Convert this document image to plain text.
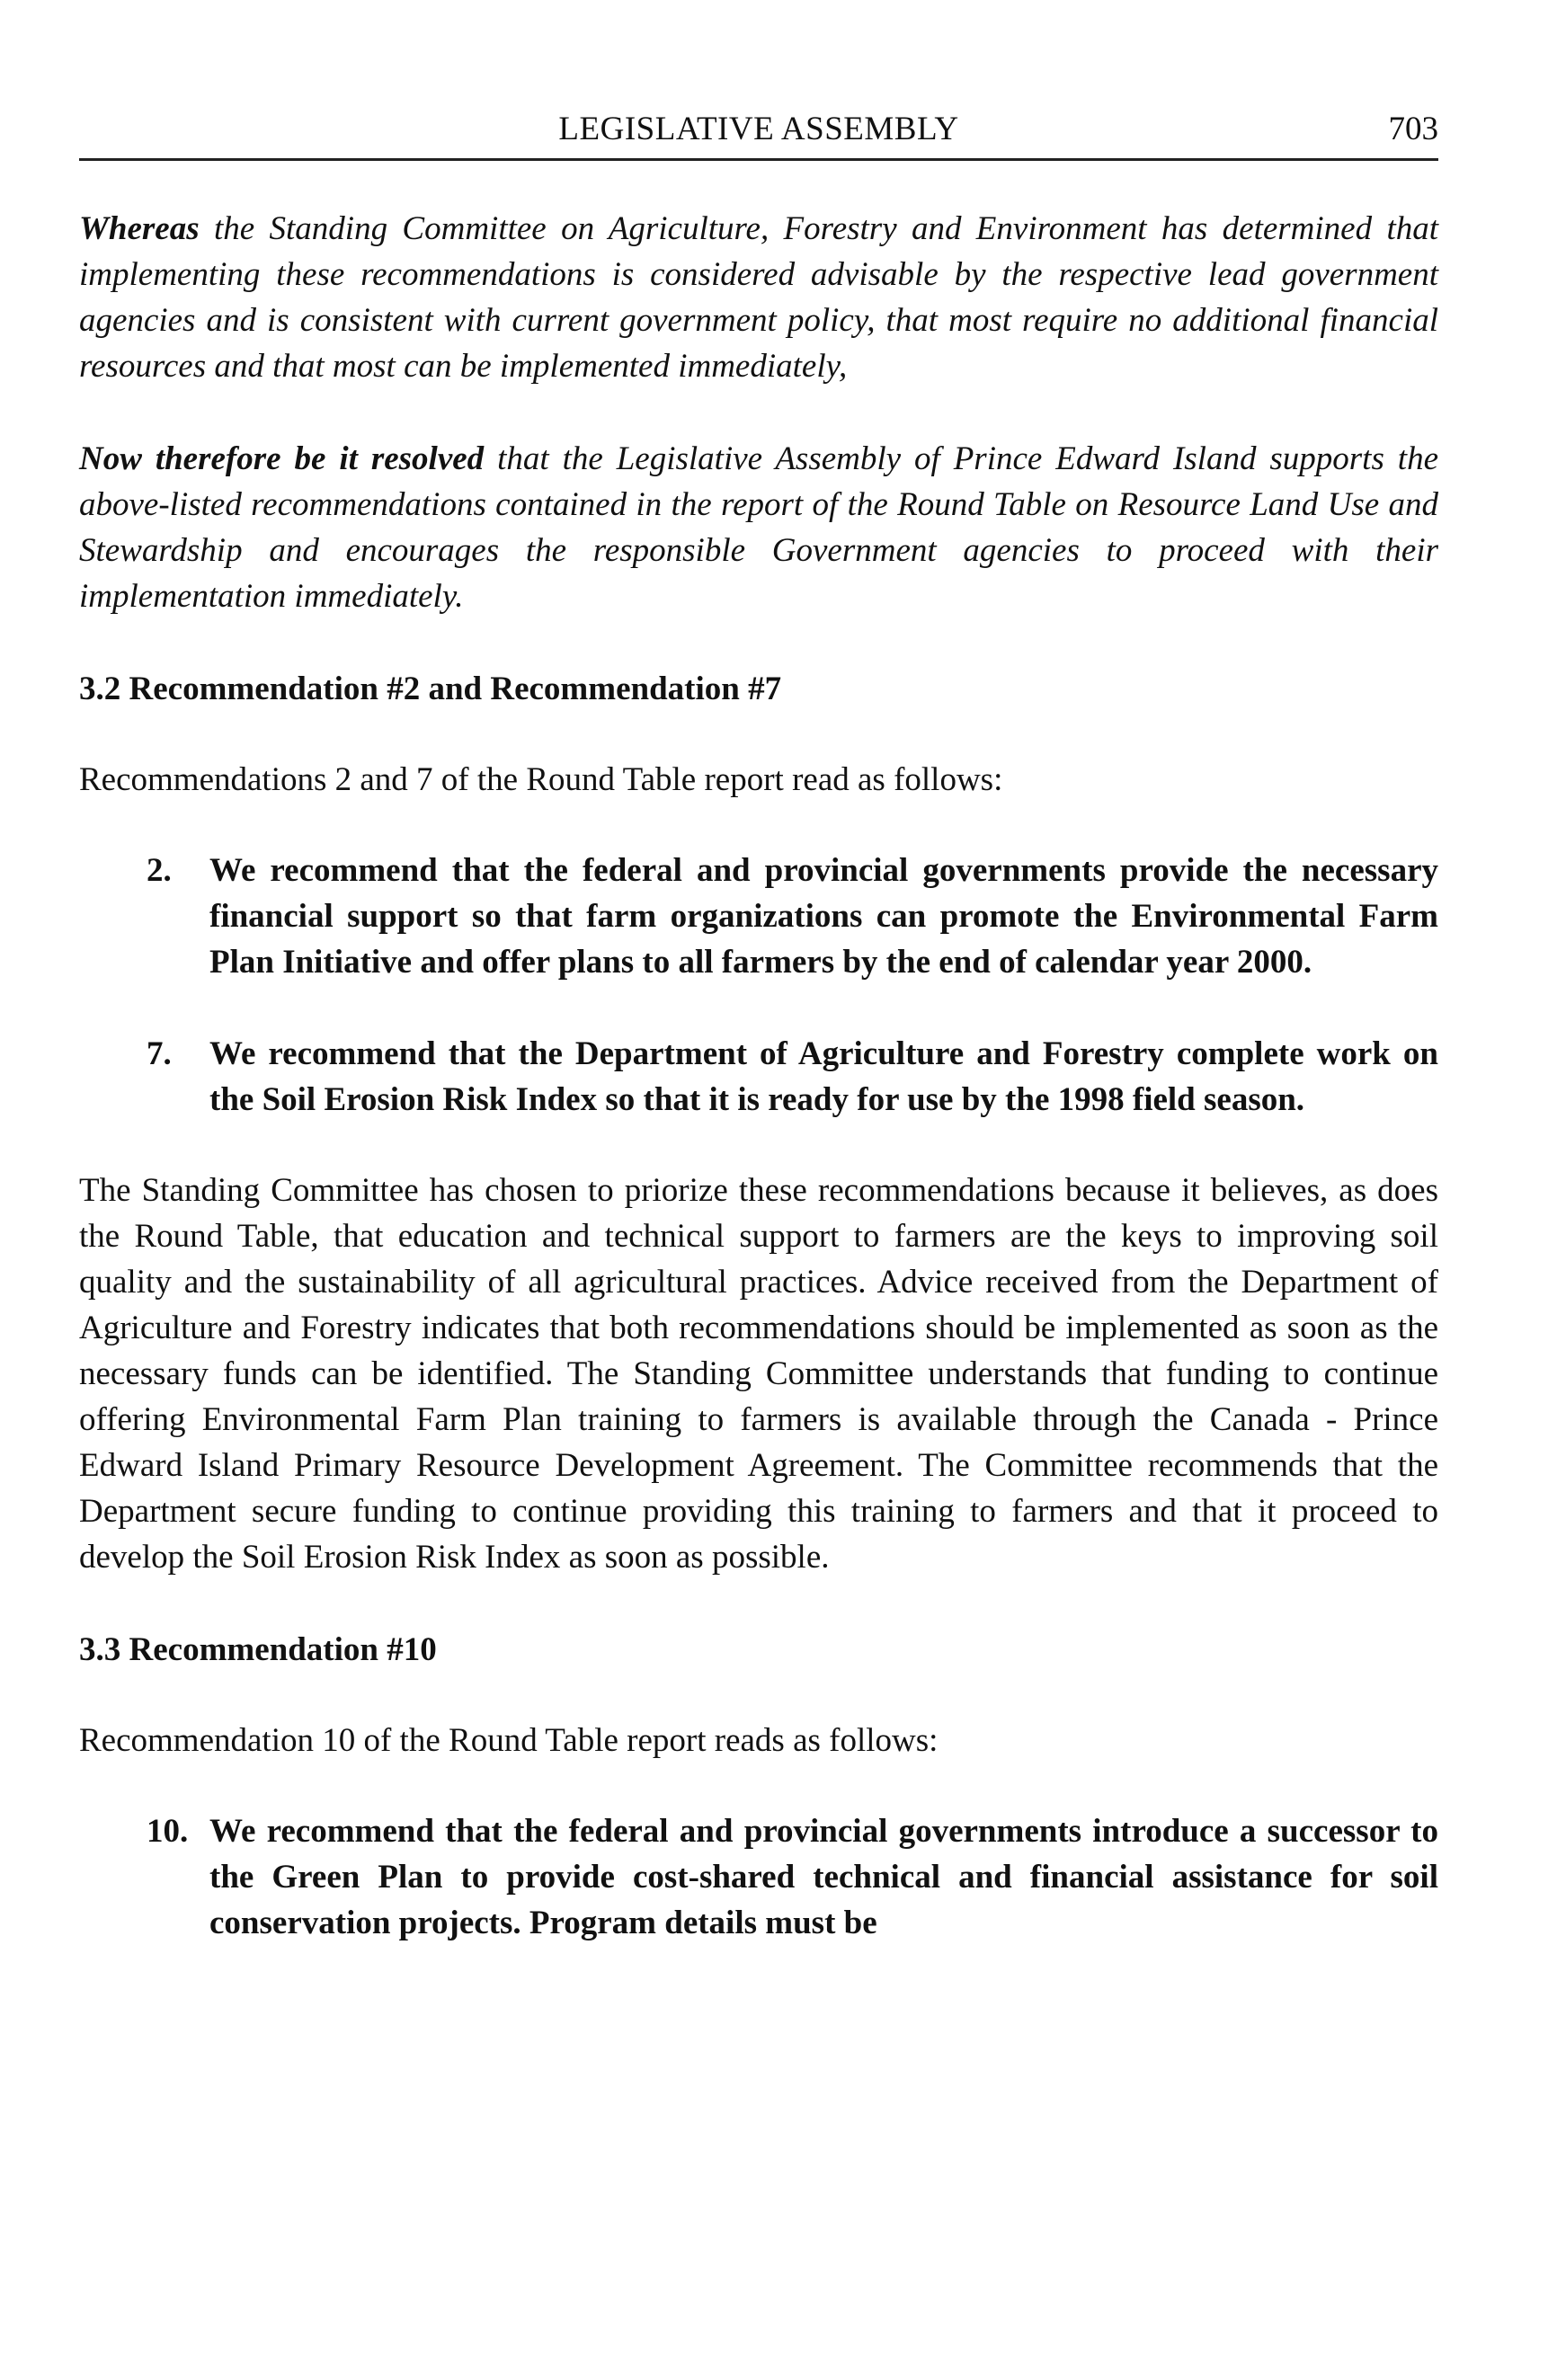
LEGISLATIVE ASSEMBLY	703

Whereas the Standing Committee on Agriculture, Forestry and Environment has determined that implementing these recommendations is considered advisable by the respective lead government agencies and is consistent with current government policy, that most require no additional financial resources and that most can be implemented immediately,

Now therefore be it resolved that the Legislative Assembly of Prince Edward Island supports the above-listed recommendations contained in the report of the Round Table on Resource Land Use and Stewardship and encourages the responsible Government agencies to proceed with their implementation immediately.

3.2 Recommendation #2 and Recommendation #7

Recommendations 2 and 7 of the Round Table report read as follows:

2.	We recommend that the federal and provincial governments provide the necessary financial support so that farm organizations can promote the Environmental Farm Plan Initiative and offer plans to all farmers by the end of calendar year 2000.
7.	We recommend that the Department of Agriculture and Forestry complete work on the Soil Erosion Risk Index so that it is ready for use by the 1998 field season.

The Standing Committee has chosen to priorize these recommendations because it believes, as does the Round Table, that education and technical support to farmers are the keys to improving soil quality and the sustainability of all agricultural practices. Advice received from the Department of Agriculture and Forestry indicates that both recommendations should be implemented as soon as the necessary funds can be identified. The Standing Committee understands that funding to continue offering Environmental Farm Plan training to farmers is available through the Canada - Prince Edward Island Primary Resource Development Agreement. The Committee recommends that the Department secure funding to continue providing this training to farmers and that it proceed to develop the Soil Erosion Risk Index as soon as possible.

3.3 Recommendation #10

Recommendation 10 of the Round Table report reads as follows:

10. We recommend that the federal and provincial governments introduce a successor to the Green Plan to provide cost-shared technical and financial assistance for soil conservation projects. Program details must be
